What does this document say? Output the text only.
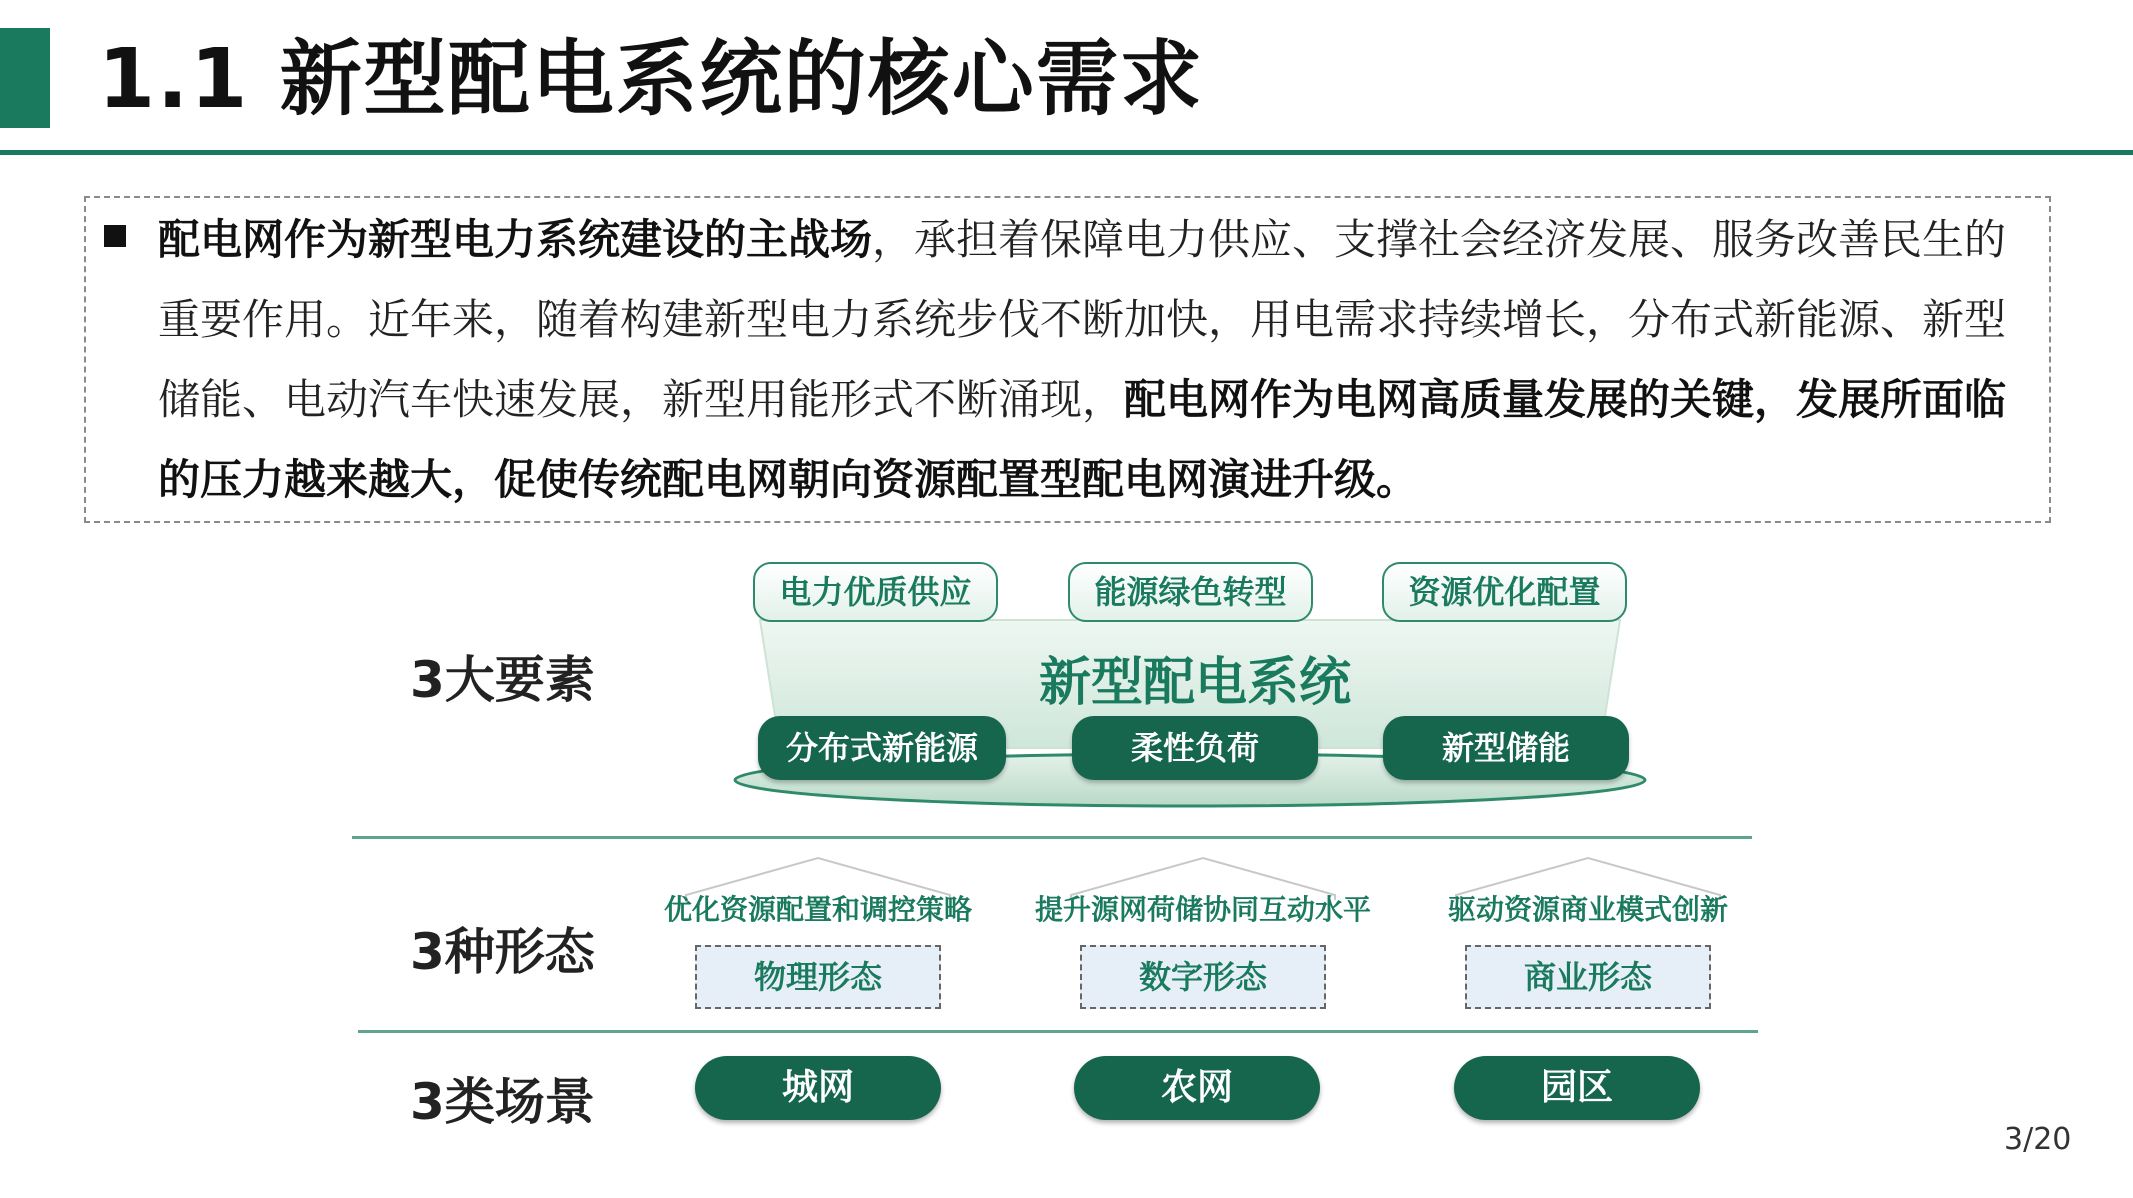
1.1 新型配电系统的核心需求
配电网作为新型电力系统建设的主战场，承担着保障电力供应、支撑社会经济发展、服务改善民生的重要作用。近年来，随着构建新型电力系统步伐不断加快，用电需求持续增长，分布式新能源、新型储能、电动汽车快速发展，新型用能形式不断涌现，配电网作为电网高质量发展的关键，发展所面临的压力越来越大，促使传统配电网朝向资源配置型配电网演进升级。
3大要素
3种形态
3类场景
电力优质供应	能源绿色转型	资源优化配置
新型配电系统
分布式新能源	柔性负荷	新型储能
优化资源配置和调控策略
物理形态
提升源网荷储协同互动水平
数字形态
驱动资源商业模式创新
商业形态
城网	农网	园区
3/20
